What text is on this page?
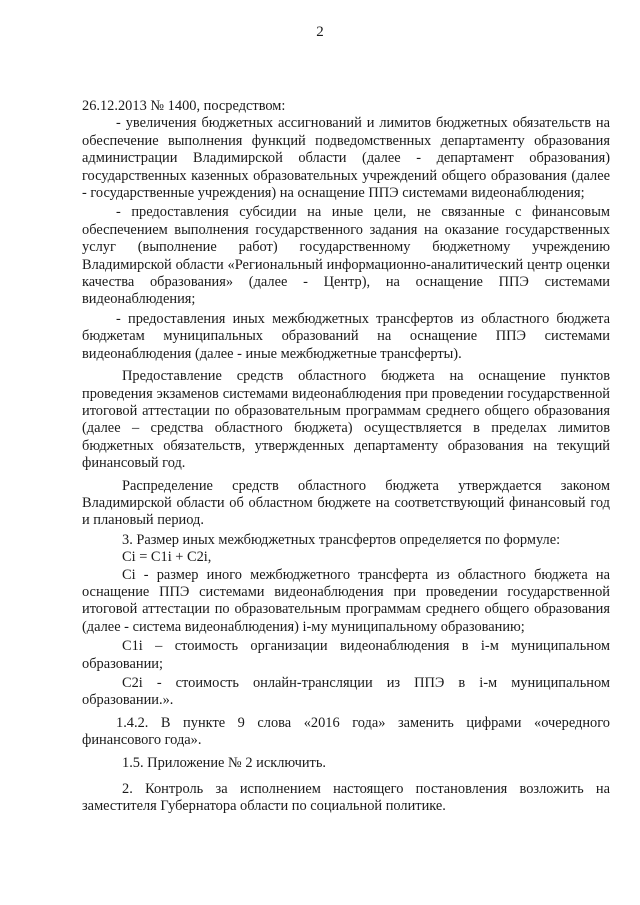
2

26.12.2013 № 1400, посредством:

- увеличения бюджетных ассигнований и лимитов бюджетных обязательств на обеспечение выполнения функций подведомственных департаменту образования администрации Владимирской области (далее - департамент образования) государственных казенных образовательных учреждений общего образования (далее - государственные учреждения) на оснащение ППЭ системами видеонаблюдения;

- предоставления субсидии на иные цели, не связанные с финансовым обеспечением выполнения государственного задания на оказание государственных услуг (выполнение работ) государственному бюджетному учреждению Владимирской области «Региональный информационно-аналитический центр оценки качества образования» (далее - Центр), на оснащение ППЭ системами видеонаблюдения;

- предоставления иных межбюджетных трансфертов из областного бюджета бюджетам муниципальных образований на оснащение ППЭ системами видеонаблюдения (далее - иные межбюджетные трансферты).

Предоставление средств областного бюджета на оснащение пунктов проведения экзаменов системами видеонаблюдения при проведении государственной итоговой аттестации по образовательным программам среднего общего образования (далее – средства областного бюджета) осуществляется в пределах лимитов бюджетных обязательств, утвержденных департаменту образования на текущий финансовый год.

Распределение средств областного бюджета утверждается законом Владимирской области об областном бюджете на соответствующий финансовый год и плановый период.

3. Размер иных межбюджетных трансфертов определяется по формуле:

Ci = C1i + C2i,

Ci - размер иного межбюджетного трансферта из областного бюджета на оснащение ППЭ системами видеонаблюдения при проведении государственной итоговой аттестации по образовательным программам среднего общего образования (далее - система видеонаблюдения) i-му муниципальному образованию;

C1i – стоимость организации видеонаблюдения в i-м муниципальном образовании;

C2i - стоимость онлайн-трансляции из ППЭ в i-м муниципальном образовании.».

1.4.2. В пункте 9 слова «2016 года» заменить цифрами «очередного финансового года».

1.5. Приложение № 2 исключить.

2. Контроль за исполнением настоящего постановления возложить на заместителя Губернатора области по социальной политике.
